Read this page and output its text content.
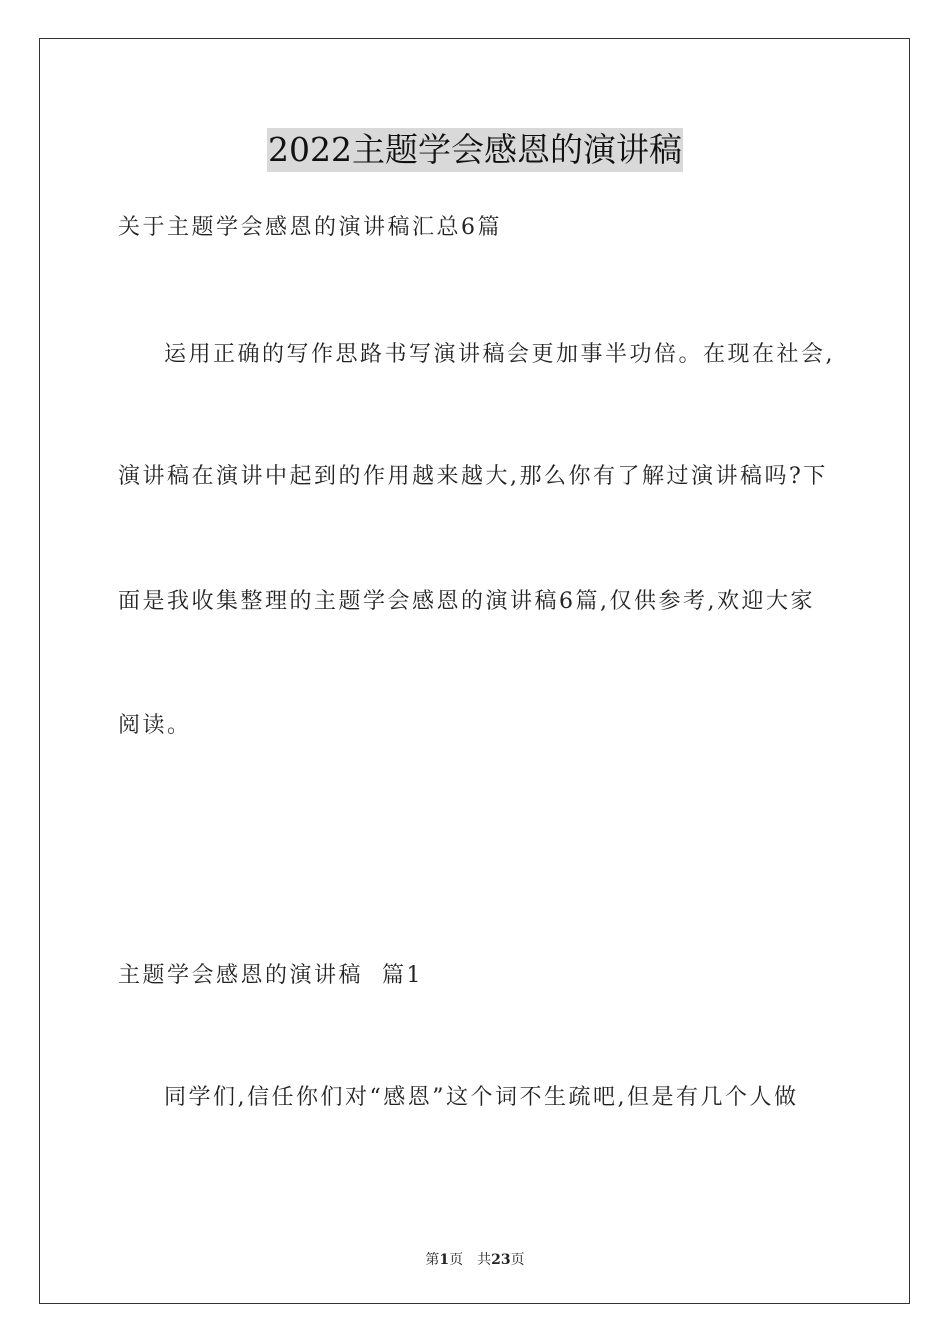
2022主题学会感恩的演讲稿
关于主题学会感恩的演讲稿汇总6篇
运用正确的写作思路书写演讲稿会更加事半功倍。在现在社会,
演讲稿在演讲中起到的作用越来越大,那么你有了解过演讲稿吗?下
面是我收集整理的主题学会感恩的演讲稿6篇,仅供参考,欢迎大家
阅读。
主题学会感恩的演讲稿  篇1
同学们,信任你们对“感恩”这个词不生疏吧,但是有几个人做
第1页 共23页
